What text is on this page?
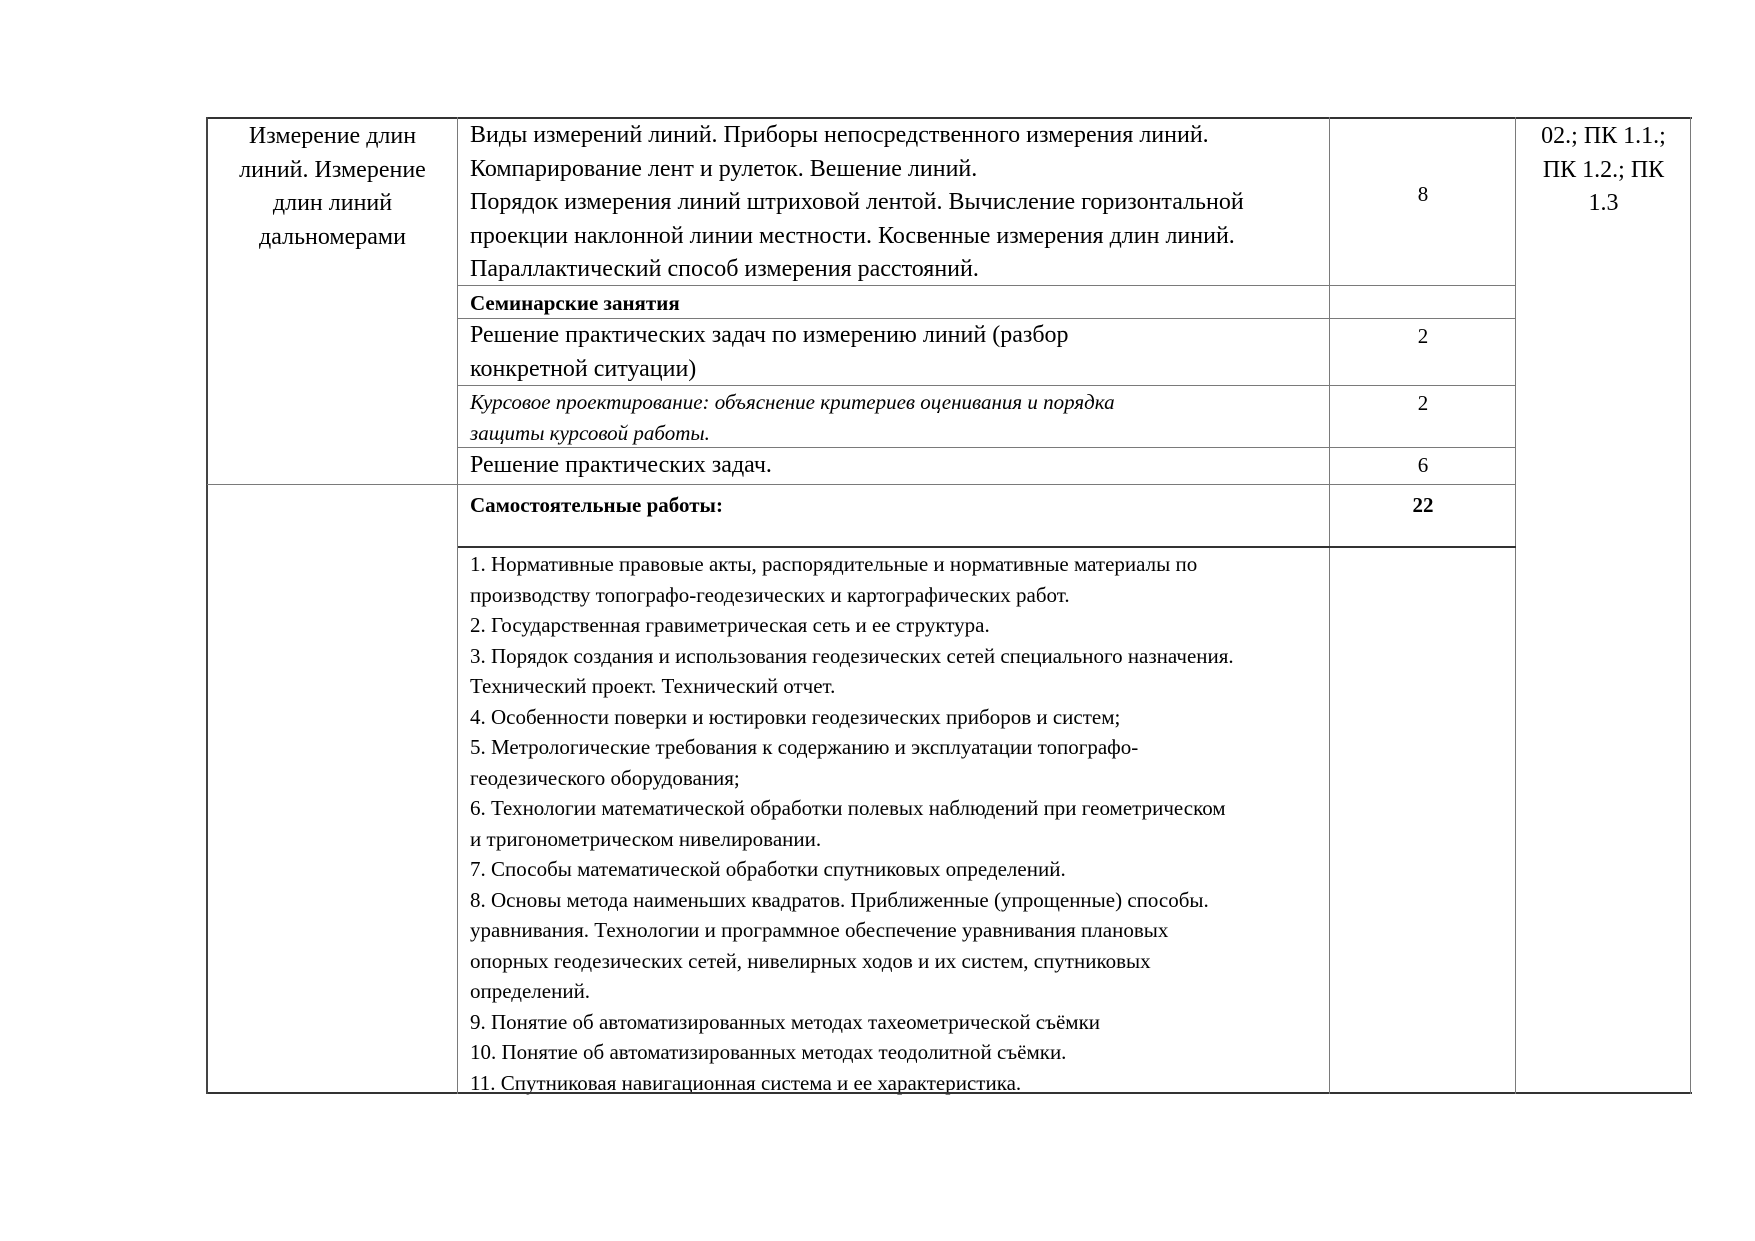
Измерение длин линий. Измерение длин линий дальномерами

Виды измерений линий. Приборы непосредственного измерения линий.

Компарирование лент и рулеток. Вешение линий.

Порядок измерения линий штриховой лентой. Вычисление горизонтальной

проекции наклонной линии местности. Косвенные измерения длин линий.

Параллактический способ измерения расстояний.

8
Семинарские занятия
Решение практических задач по измерению линий (разбор конкретной ситуации)
2
Курсовое проектирование: объяснение критериев оценивания и порядка защиты курсовой работы.
2
Решение практических задач.	6
Самостоятельные работы:	22

1. Нормативные правовые акты, распорядительные и нормативные материалы по

производству топографо-геодезических и картографических работ.

2. Государственная гравиметрическая сеть и ее структура.

3. Порядок создания и использования геодезических сетей специального назначения.

Технический проект. Технический отчет.

4. Особенности поверки и юстировки геодезических приборов и систем;

5. Метрологические требования к содержанию и эксплуатации топографо-

геодезического оборудования;

6. Технологии математической обработки полевых наблюдений при геометрическом

и тригонометрическом нивелировании.

7. Способы математической обработки спутниковых определений.

8. Основы метода наименьших квадратов. Приближенные (упрощенные) способы.

уравнивания. Технологии и программное обеспечение уравнивания плановых

опорных геодезических сетей, нивелирных ходов и их систем, спутниковых

определений.

9. Понятие об автоматизированных методах тахеометрической съёмки

10. Понятие об автоматизированных методах теодолитной съёмки.

11. Спутниковая навигационная система и ее характеристика.

02.; ПК 1.1.; ПК 1.2.; ПК 1.3
